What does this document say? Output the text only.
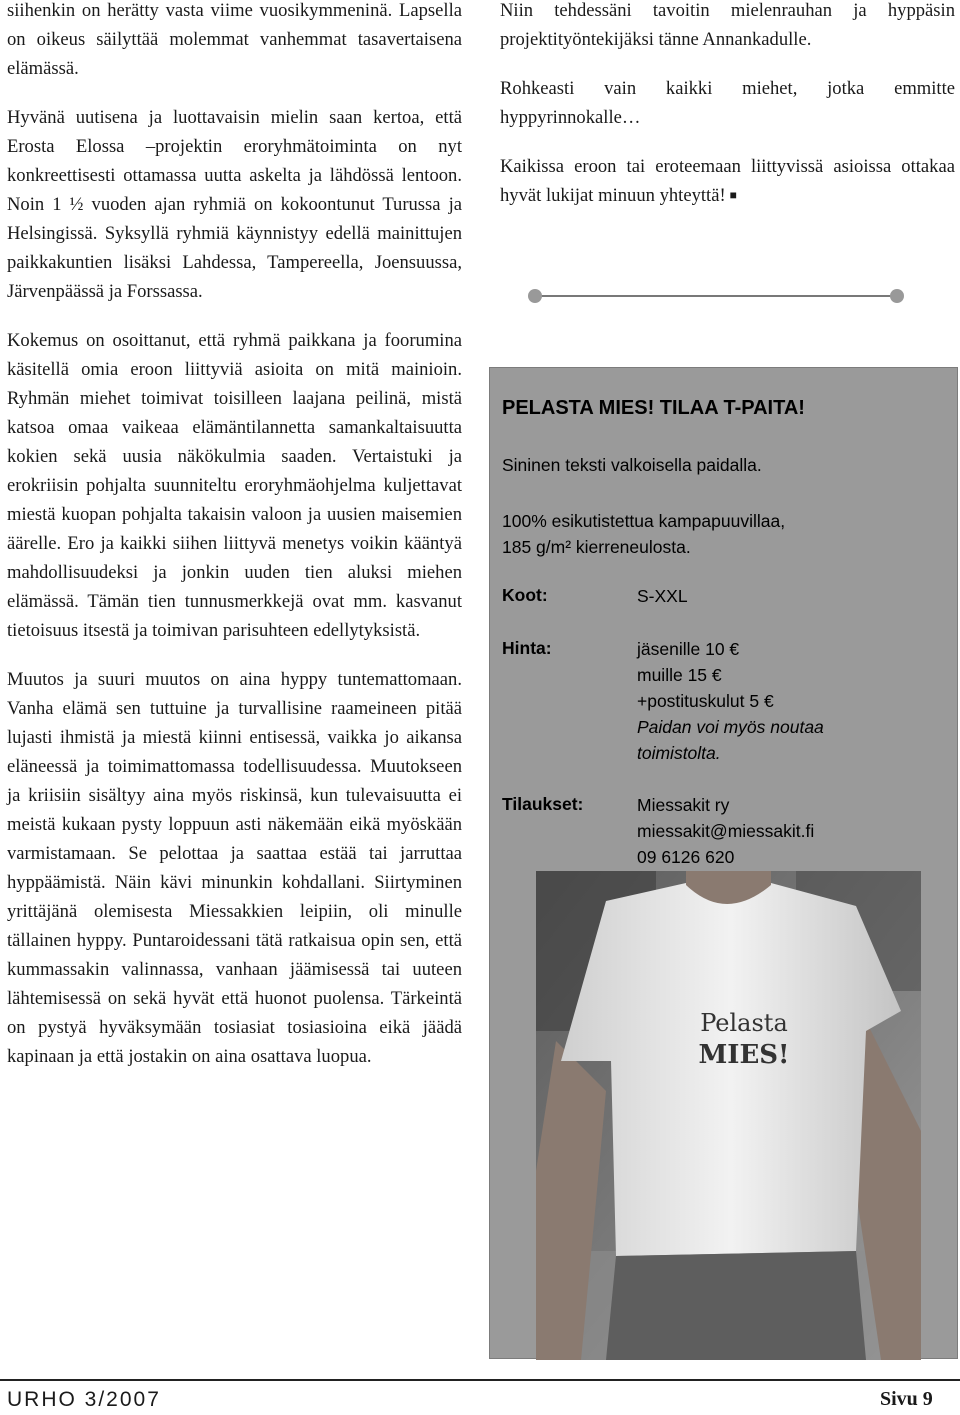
siihenkin on herätty vasta viime vuosikymmeninä. Lapsella on oikeus säilyttää molemmat vanhemmat tasavertaisena elämässä.

Hyvänä uutisena ja luottavaisin mielin saan kertoa, että Erosta Elossa –projektin eroryhmätoiminta on nyt konkreettisesti ottamassa uutta askelta ja lähdössä lentoon. Noin 1 ½ vuoden ajan ryhmiä on kokoontunut Turussa ja Helsingissä. Syksyllä ryhmiä käynnistyy edellä mainittujen paikkakuntien lisäksi Lahdessa, Tampereella, Joensuussa, Järvenpäässä ja Forssassa.

Kokemus on osoittanut, että ryhmä paikkana ja foorumina käsitellä omia eroon liittyviä asioita on mitä mainioin. Ryhmän miehet toimivat toisilleen laajana peilinä, mistä katsoa omaa vaikeaa elämäntilannetta samankaltaisuutta kokien sekä uusia näkökulmia saaden. Vertaistuki ja erokriisin pohjalta suunniteltu eroryhmäohjelma kuljettavat miestä kuopan pohjalta takaisin valoon ja uusien maisemien äärelle. Ero ja kaikki siihen liittyvä menetys voikin kääntyä mahdollisuudeksi ja jonkin uuden tien aluksi miehen elämässä. Tämän tien tunnusmerkkejä ovat mm. kasvanut tietoisuus itsestä ja toimivan parisuhteen edellytyksistä.

Muutos ja suuri muutos on aina hyppy tuntemattomaan. Vanha elämä sen tuttuine ja turvallisine raameineen pitää lujasti ihmistä ja miestä kiinni entisessä, vaikka jo aikansa eläneessä ja toimimattomassa todellisuudessa. Muutokseen ja kriisiin sisältyy aina myös riskinsä, kun tulevaisuutta ei meistä kukaan pysty loppuun asti näkemään eikä myöskään varmistamaan. Se pelottaa ja saattaa estää tai jarruttaa hyppäämistä. Näin kävi minunkin kohdallani. Siirtyminen yrittäjänä olemisesta Miessakkien leipiin, oli minulle tällainen hyppy. Puntaroidessani tätä ratkaisua opin sen, että kummassakin valinnassa, vanhaan jäämisessä tai uuteen lähtemisessä on sekä hyvät että huonot puolensa. Tärkeintä on pystyä hyväksymään tosiasiat tosiasioina eikä jäädä kapinaan ja että jostakin on aina osattava luopua.

Niin tehdessäni tavoitin mielenrauhan ja hyppäsin projektityöntekijäksi tänne Annankadulle.

Rohkeasti vain kaikki miehet, jotka emmitte hyppyrinnokalle…

Kaikissa eroon tai eroteemaan liittyvissä asioissa ottakaa hyvät lukijat minuun yhteyttä! ■

PELASTA MIES! TILAA T-PAITA!

Sininen teksti valkoisella paidalla.

100% esikutistettua kampapuuvillaa,

185 g/m² kierreneulosta.

Koot:	S-XXL

Hinta:	jäsenille 10 €

muille 15 €

+postituskulut 5 €

Paidan voi myös noutaa

toimistolta.

Tilaukset:	Miessakit ry

miessakit@miessakit.fi

09 6126 620

Pelasta
MIES!

URHO 3/2007	Sivu 9
